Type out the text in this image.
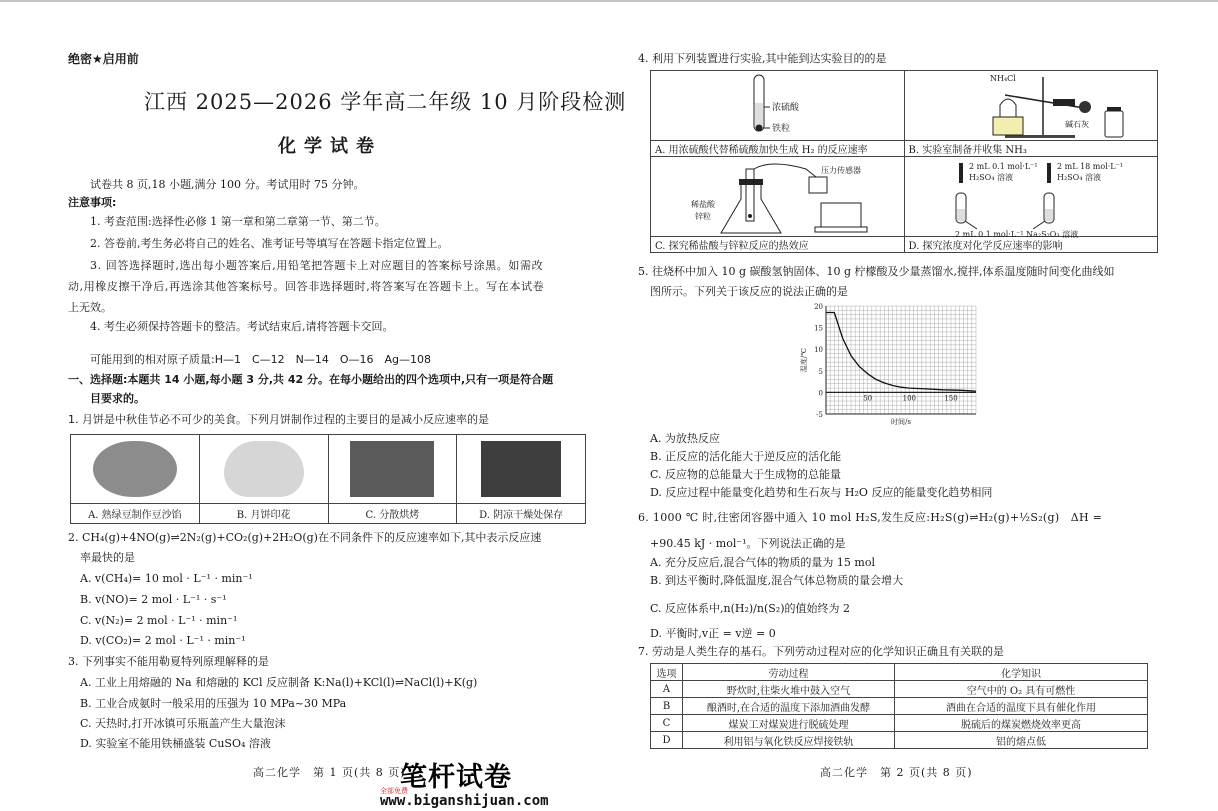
绝密★启用前
江西 2025—2026 学年高二年级 10 月阶段检测
化学试卷
试卷共 8 页,18 小题,满分 100 分。考试用时 75 分钟。
注意事项:
1. 考查范围:选择性必修 1 第一章和第二章第一节、第二节。
2. 答卷前,考生务必将自己的姓名、准考证号等填写在答题卡指定位置上。
3. 回答选择题时,选出每小题答案后,用铅笔把答题卡上对应题目的答案标号涂黑。如需改
动,用橡皮擦干净后,再选涂其他答案标号。回答非选择题时,将答案写在答题卡上。写在本试卷
上无效。
4. 考生必须保持答题卡的整洁。考试结束后,请将答题卡交回。
可能用到的相对原子质量:H—1　C—12　N—14　O—16　Ag—108
一、选择题:本题共 14 小题,每小题 3 分,共 42 分。在每小题给出的四个选项中,只有一项是符合题
目要求的。
1. 月饼是中秋佳节必不可少的美食。下列月饼制作过程的主要目的是减小反应速率的是

A. 熟绿豆制作豆沙馅	B. 月饼印花	C. 分散烘烤	D. 阴凉干燥处保存
2. CH₄(g)+4NO(g)⇌2N₂(g)+CO₂(g)+2H₂O(g)在不同条件下的反应速率如下,其中表示反应速
率最快的是
A. v(CH₄)= 10 mol · L⁻¹ · min⁻¹
B. v(NO)= 2 mol · L⁻¹ · s⁻¹
C. v(N₂)= 2 mol · L⁻¹ · min⁻¹
D. v(CO₂)= 2 mol · L⁻¹ · min⁻¹
3. 下列事实不能用勒夏特列原理解释的是
A. 工业上用熔融的 Na 和熔融的 KCl 反应制备 K:Na(l)+KCl(l)⇌NaCl(l)+K(g)
B. 工业合成氨时一般采用的压强为 10 MPa~30 MPa
C. 天热时,打开冰镇可乐瓶盖产生大量泡沫
D. 实验室不能用铁桶盛装 CuSO₄ 溶液
高二化学　第 1 页(共 8 页)
笔杆试卷
全部免费
www.biganshijuan.com
4. 利用下列装置进行实验,其中能到达实验目的的是
浓硫酸
铁粒	NH₄Cl
碱石灰

A. 用浓硫酸代替稀硫酸加快生成 H₂ 的反应速率	B. 实验室制备并收集 NH₃

压力传感器
稀盐酸
锌粒	2 mL 0.1 mol·L⁻¹
H₂SO₄ 溶液
2 mL 18 mol·L⁻¹
H₂SO₄ 溶液
2 mL 0.1 mol·L⁻¹ Na₂S₂O₃ 溶液

C. 探究稀盐酸与锌粒反应的热效应	D. 探究浓度对化学反应速率的影响
5. 往烧杯中加入 10 g 碳酸氢钠固体、10 g 柠檬酸及少量蒸馏水,搅拌,体系温度随时间变化曲线如
图所示。下列关于该反应的说法正确的是
-5
0
5
10
15
20
50	100	150
时间/s
温度/℃
A. 为放热反应
B. 正反应的活化能大于逆反应的活化能
C. 反应物的总能量大于生成物的总能量
D. 反应过程中能量变化趋势和生石灰与 H₂O 反应的能量变化趋势相同
6. 1000 ℃ 时,往密闭容器中通入 10 mol H₂S,发生反应:H₂S(g)⇌H₂(g)+½S₂(g)　ΔH =
+90.45 kJ · mol⁻¹。下列说法正确的是
A. 充分反应后,混合气体的物质的量为 15 mol
B. 到达平衡时,降低温度,混合气体总物质的量会增大
C. 反应体系中,n(H₂)/n(S₂)的值始终为 2
D. 平衡时,v正 = v逆 = 0
7. 劳动是人类生存的基石。下列劳动过程对应的化学知识正确且有关联的是
选项	劳动过程	化学知识
A	野炊时,往柴火堆中鼓入空气	空气中的 O₂ 具有可燃性
B	酿酒时,在合适的温度下添加酒曲发酵	酒曲在合适的温度下具有催化作用
C	煤炭工对煤炭进行脱硫处理	脱硫后的煤炭燃烧效率更高
D	利用铝与氧化铁反应焊接铁轨	铝的熔点低
高二化学　第 2 页(共 8 页)
